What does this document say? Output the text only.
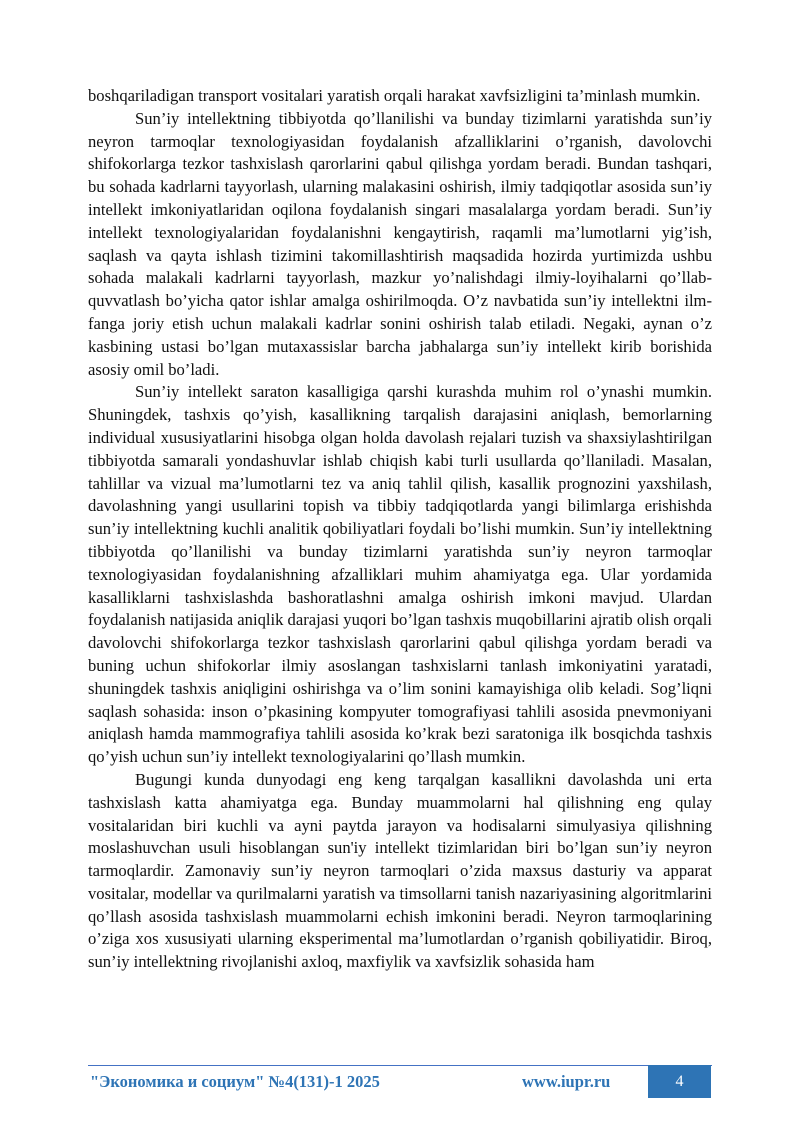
boshqariladigan transport vositalari yaratish orqali harakat xavfsizligini ta’minlash mumkin.

Sun’iy intellektning tibbiyotda qo’llanilishi va bunday tizimlarni yaratishda sun’iy neyron tarmoqlar texnologiyasidan foydalanish afzalliklarini o’rganish, davolovchi shifokorlarga tezkor tashxislash qarorlarini qabul qilishga yordam beradi. Bundan tashqari, bu sohada kadrlarni tayyorlash, ularning malakasini oshirish, ilmiy tadqiqotlar asosida sun’iy intellekt imkoniyatlaridan oqilona foydalanish singari masalalarga yordam beradi. Sun’iy intellekt texnologiyalaridan foydalanishni kengaytirish, raqamli ma’lumotlarni yig’ish, saqlash va qayta ishlash tizimini takomillashtirish maqsadida hozirda yurtimizda ushbu sohada malakali kadrlarni tayyorlash, mazkur yo’nalishdagi ilmiy-loyihalarni qo’llab-quvvatlash bo’yicha qator ishlar amalga oshirilmoqda. O’z navbatida sun’iy intellektni ilm- fanga joriy etish uchun malakali kadrlar sonini oshirish talab etiladi. Negaki, aynan o’z kasbining ustasi bo’lgan mutaxassislar barcha jabhalarga sun’iy intellekt kirib borishida asosiy omil bo’ladi.

Sun’iy intellekt saraton kasalligiga qarshi kurashda muhim rol o’ynashi mumkin. Shuningdek, tashxis qo’yish, kasallikning tarqalish darajasini aniqlash, bemorlarning individual xususiyatlarini hisobga olgan holda davolash rejalari tuzish va shaxsiylashtirilgan tibbiyotda samarali yondashuvlar ishlab chiqish kabi turli usullarda qo’llaniladi. Masalan, tahlillar va vizual ma’lumotlarni tez va aniq tahlil qilish, kasallik prognozini yaxshilash, davolashning yangi usullarini topish va tibbiy tadqiqotlarda yangi bilimlarga erishishda sun’iy intellektning kuchli analitik qobiliyatlari foydali bo’lishi mumkin. Sun’iy intellektning tibbiyotda qo’llanilishi va bunday tizimlarni yaratishda sun’iy neyron tarmoqlar texnologiyasidan foydalanishning afzalliklari muhim ahamiyatga ega. Ular yordamida kasalliklarni tashxislashda bashoratlashni amalga oshirish imkoni mavjud. Ulardan foydalanish natijasida aniqlik darajasi yuqori bo’lgan tashxis muqobillarini ajratib olish orqali davolovchi shifokorlarga tezkor tashxislash qarorlarini qabul qilishga yordam beradi va buning uchun shifokorlar ilmiy asoslangan tashxislarni tanlash imkoniyatini yaratadi, shuningdek tashxis aniqligini oshirishga va o’lim sonini kamayishiga olib keladi. Sog’liqni saqlash sohasida: inson o’pkasining kompyuter tomografiyasi tahlili asosida pnevmoniyani aniqlash hamda mammografiya tahlili asosida ko’krak bezi saratoniga ilk bosqichda tashxis qo’yish uchun sun’iy intellekt texnologiyalarini qo’llash mumkin.

Bugungi kunda dunyodagi eng keng tarqalgan kasallikni davolashda uni erta tashxislash katta ahamiyatga ega. Bunday muammolarni hal qilishning eng qulay vositalaridan biri kuchli va ayni paytda jarayon va hodisalarni simulyasiya qilishning moslashuvchan usuli hisoblangan sun'iy intellekt tizimlaridan biri bo’lgan sun’iy neyron tarmoqlardir. Zamonaviy sun’iy neyron tarmoqlari o’zida maxsus dasturiy va apparat vositalar, modellar va qurilmalarni yaratish va timsollarni tanish nazariyasining algoritmlarini qo’llash asosida tashxislash muammolarni echish imkonini beradi. Neyron tarmoqlarining o’ziga xos xususiyati ularning eksperimental ma’lumotlardan o’rganish qobiliyatidir. Biroq, sun’iy intellektning rivojlanishi axloq, maxfiylik va xavfsizlik sohasida ham

"Экономика и социум" №4(131)-1 2025	www.iupr.ru	4
